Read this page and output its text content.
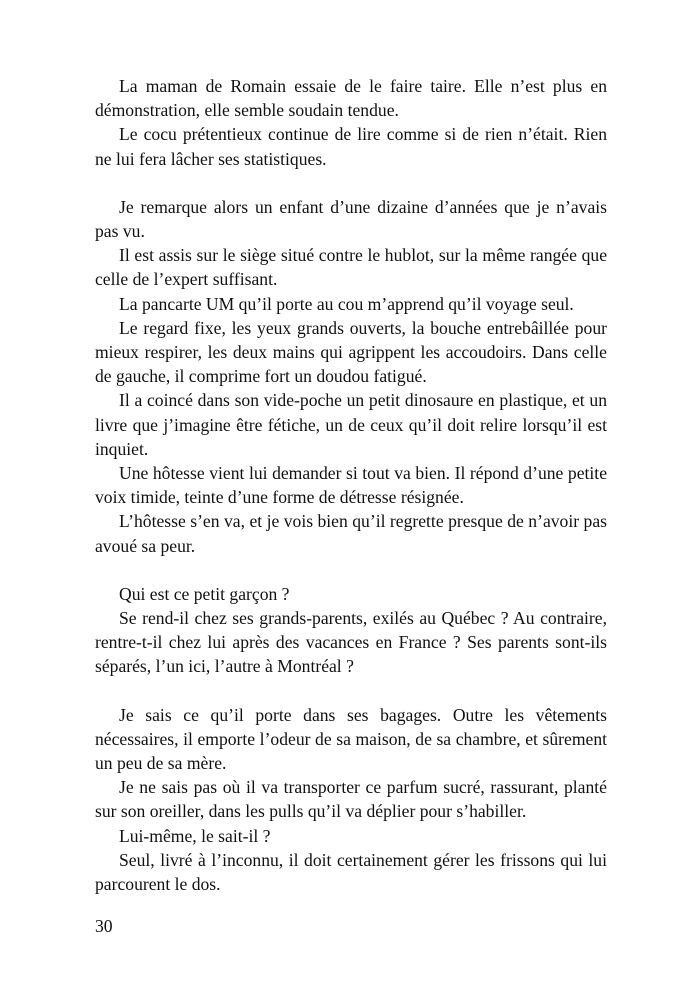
La maman de Romain essaie de le faire taire. Elle n’est plus en démonstration, elle semble soudain tendue.

Le cocu prétentieux continue de lire comme si de rien n’était. Rien ne lui fera lâcher ses statistiques.

Je remarque alors un enfant d’une dizaine d’années que je n’avais pas vu.

Il est assis sur le siège situé contre le hublot, sur la même rangée que celle de l’expert suffisant.

La pancarte UM qu’il porte au cou m’apprend qu’il voyage seul.

Le regard fixe, les yeux grands ouverts, la bouche entrebâillée pour mieux respirer, les deux mains qui agrippent les accoudoirs. Dans celle de gauche, il comprime fort un doudou fatigué.

Il a coincé dans son vide-poche un petit dinosaure en plastique, et un livre que j’imagine être fétiche, un de ceux qu’il doit relire lorsqu’il est inquiet.

Une hôtesse vient lui demander si tout va bien. Il répond d’une petite voix timide, teinte d’une forme de détresse résignée.

L’hôtesse s’en va, et je vois bien qu’il regrette presque de n’avoir pas avoué sa peur.

Qui est ce petit garçon ?

Se rend-il chez ses grands-parents, exilés au Québec ? Au contraire, rentre-t-il chez lui après des vacances en France ? Ses parents sont-ils séparés, l’un ici, l’autre à Montréal ?

Je sais ce qu’il porte dans ses bagages. Outre les vêtements nécessaires, il emporte l’odeur de sa maison, de sa chambre, et sûrement un peu de sa mère.

Je ne sais pas où il va transporter ce parfum sucré, rassurant, planté sur son oreiller, dans les pulls qu’il va déplier pour s’habiller.

Lui-même, le sait-il ?

Seul, livré à l’inconnu, il doit certainement gérer les frissons qui lui parcourent le dos.

30
